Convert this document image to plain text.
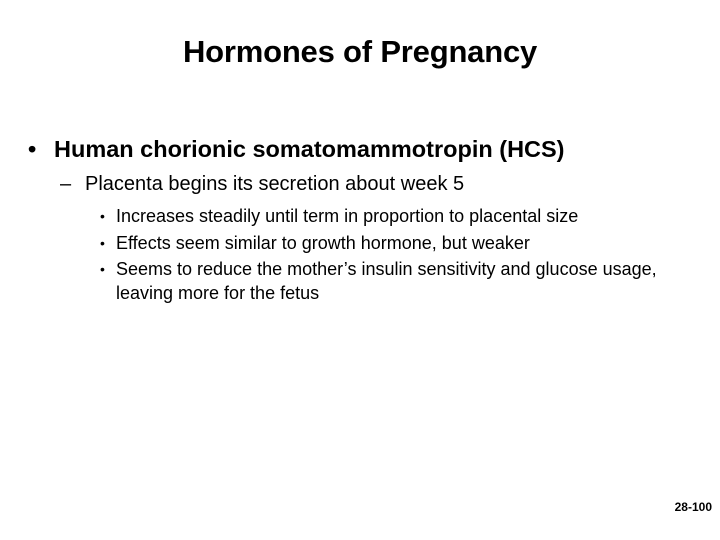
Hormones of Pregnancy
• Human chorionic somatomammotropin (HCS)
– Placenta begins its secretion about week 5
• Increases steadily until term in proportion to placental size
• Effects seem similar to growth hormone, but weaker
• Seems to reduce the mother’s insulin sensitivity and glucose usage, leaving more for the fetus
28-100
